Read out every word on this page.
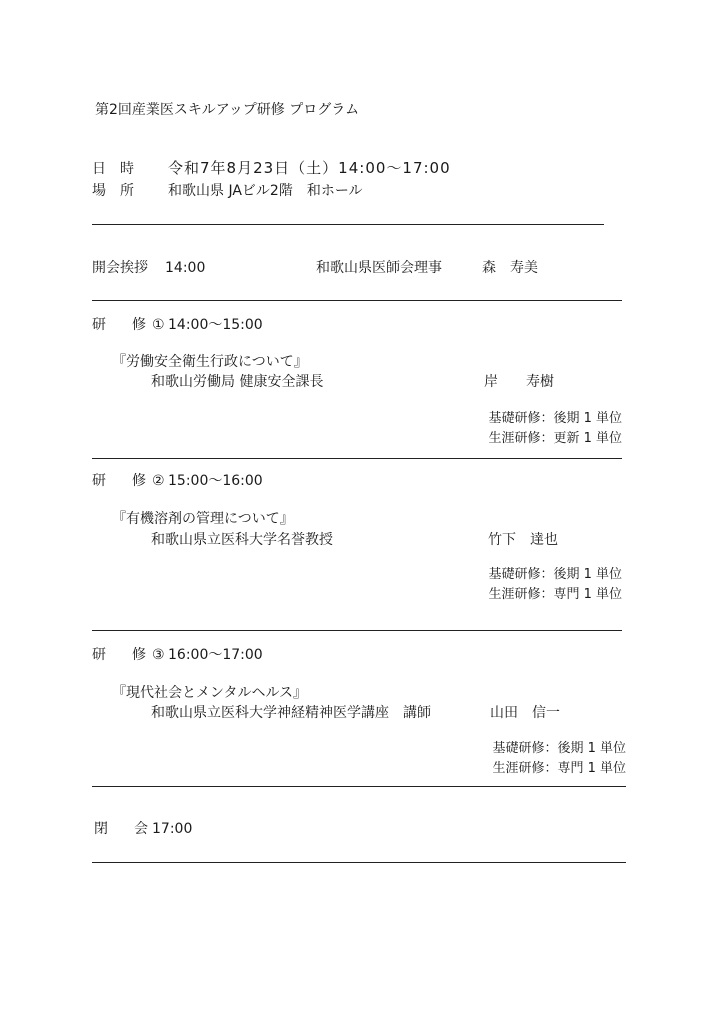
第2回産業医スキルアップ研修 プログラム
日時 令和7年8月23日（土）14:00〜17:00
場所 和歌山県 JAビル2階　和ホール
開会挨拶 14:00	和歌山県医師会理事	森　寿美
研　修①
14:00〜15:00
『労働安全衛生行政について』
和歌山労働局 健康安全課長	岸　　寿樹
基礎研修：後期 1 単位
生涯研修：更新 1 単位
研　修②
15:00〜16:00
『有機溶剤の管理について』
和歌山県立医科大学名誉教授	竹下　達也
基礎研修：後期 1 単位
生涯研修：専門 1 単位
研　修③
16:00〜17:00
『現代社会とメンタルヘルス』
和歌山県立医科大学神経精神医学講座　講師	山田　信一
基礎研修：後期 1 単位
生涯研修：専門 1 単位
閉　会
17:00
